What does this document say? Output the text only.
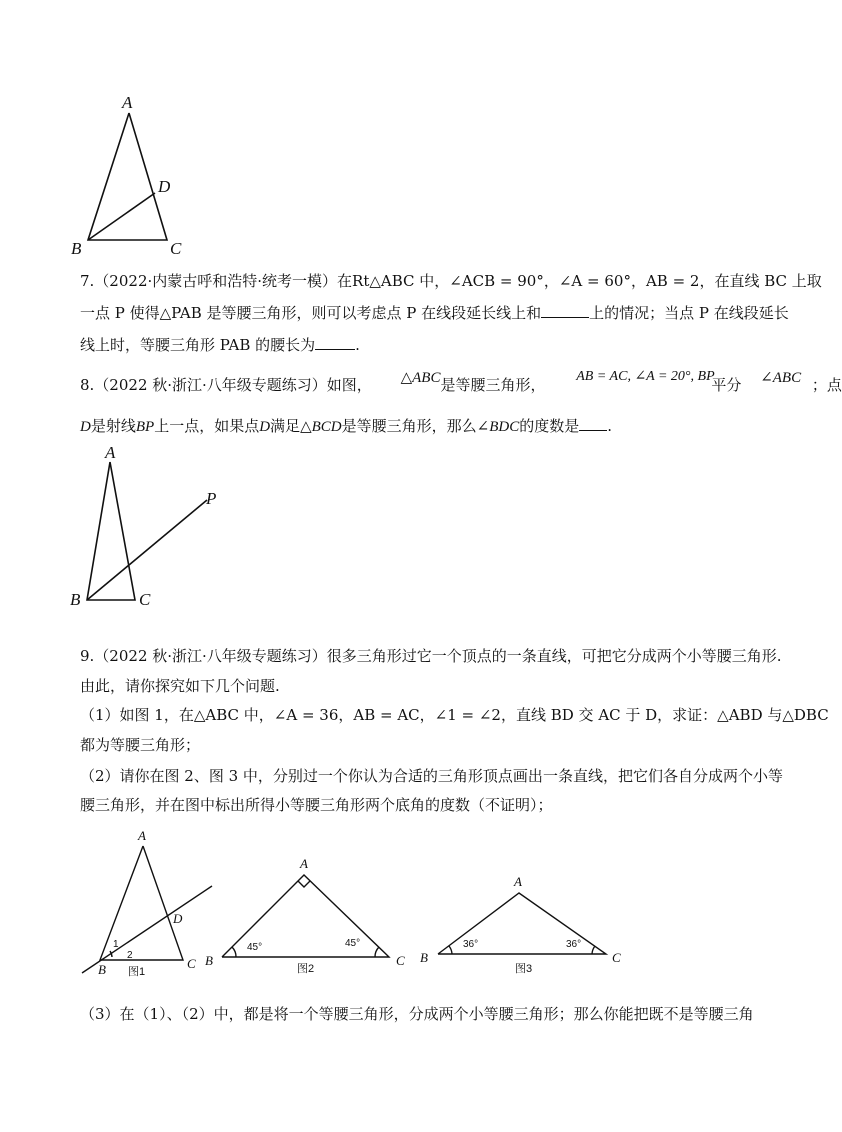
A
D
B	C
7.（2022·内蒙古呼和浩特·统考一模）在Rt△ABC 中，∠ACB = 90°，∠A = 60°，AB = 2，在直线 BC 上取
一点 P 使得△PAB 是等腰三角形，则可以考虑点 P 在线段延长线上和	上的情况；当点 P 在线段延长
线上时，等腰三角形 PAB 的腰长为	.
8.（2022 秋·浙江·八年级专题练习）如图， △ABC是等腰三角形， AB = AC, ∠A = 20°, BP 平分 ∠ABC ；点
D是射线BP上一点，如果点D满足△BCD是等腰三角形，那么∠BDC的度数是 .
A
P
B	C
9.（2022 秋·浙江·八年级专题练习）很多三角形过它一个顶点的一条直线，可把它分成两个小等腰三角形.
由此，请你探究如下几个问题.
（1）如图 1，在△ABC 中，∠A = 36，AB = AC，∠1 = ∠2，直线 BD 交 AC 于 D，求证：△ABD 与△DBC
都为等腰三角形；
（2）请你在图 2、图 3 中，分别过一个你认为合适的三角形顶点画出一条直线，把它们各自分成两个小等
腰三角形，并在图中标出所得小等腰三角形两个底角的度数（不证明）；
A
D
B	C
1
2
图1
A
B	C
45°	45°
图2
A
B	C
36°	36°
图3
（3）在（1）、（2）中，都是将一个等腰三角形，分成两个小等腰三角形；那么你能把既不是等腰三角
